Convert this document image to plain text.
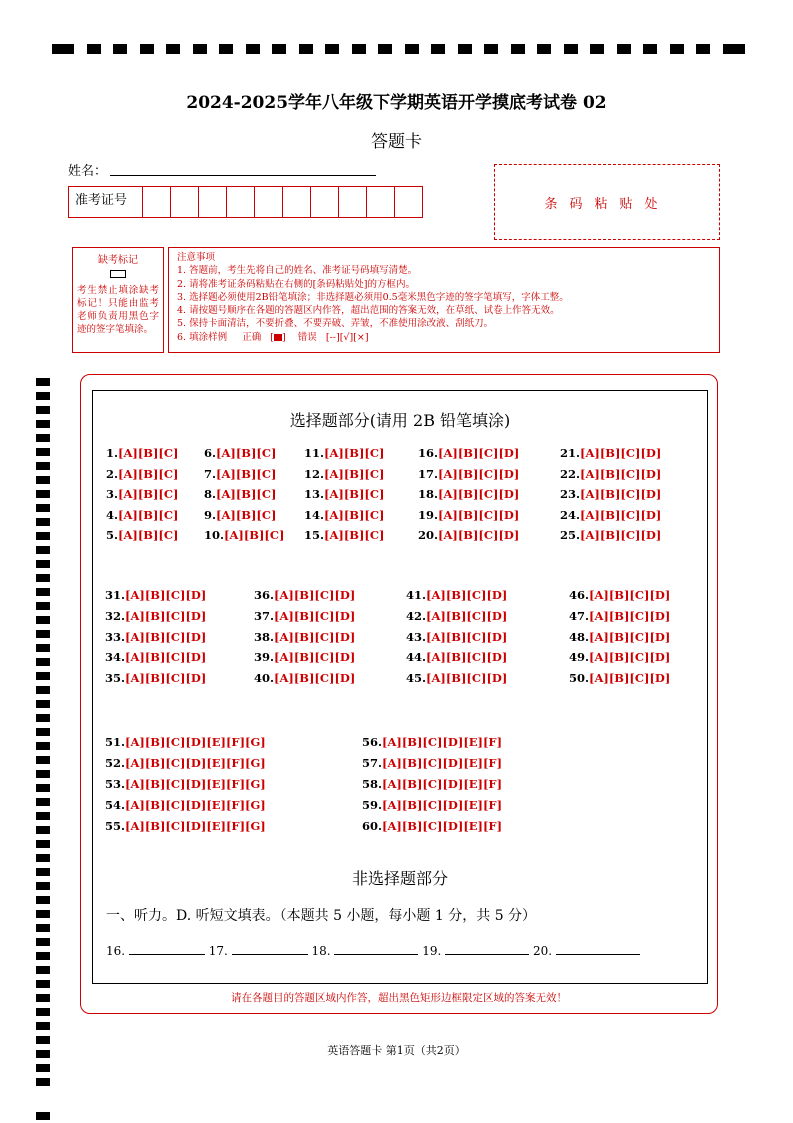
2024-2025学年八年级下学期英语开学摸底考试卷 02
答题卡
姓名：
准考证号	条码粘贴处
缺考标记
考生禁止填涂缺考标记！只能由监考老师负责用黑色字迹的签字笔填涂。
注意事项
1. 答题前，考生先将自己的姓名、准考证号码填写清楚。
2. 请将准考证条码粘贴在右侧的[条码粘贴处]的方框内。
3. 选择题必须使用2B铅笔填涂；非选择题必须用0.5毫米黑色字迹的签字笔填写，字体工整。
4. 请按题号顺序在各题的答题区内作答，超出范围的答案无效，在草纸、试卷上作答无效。
5. 保持卡面清洁，不要折叠、不要弄破、弄皱，不准使用涂改液、刮纸刀。
6. 填涂样例 正确   [ ]    错误 [--][√][×]
选择题部分(请用 2B 铅笔填涂)
1.[A][B][C]
2.[A][B][C]
3.[A][B][C]
4.[A][B][C]
5.[A][B][C]
6.[A][B][C]
7.[A][B][C]
8.[A][B][C]
9.[A][B][C]
10.[A][B][C]
11.[A][B][C]
12.[A][B][C]
13.[A][B][C]
14.[A][B][C]
15.[A][B][C]
16.[A][B][C][D]
17.[A][B][C][D]
18.[A][B][C][D]
19.[A][B][C][D]
20.[A][B][C][D]
21.[A][B][C][D]
22.[A][B][C][D]
23.[A][B][C][D]
24.[A][B][C][D]
25.[A][B][C][D]
31.[A][B][C][D]
32.[A][B][C][D]
33.[A][B][C][D]
34.[A][B][C][D]
35.[A][B][C][D]
36.[A][B][C][D]
37.[A][B][C][D]
38.[A][B][C][D]
39.[A][B][C][D]
40.[A][B][C][D]
41.[A][B][C][D]
42.[A][B][C][D]
43.[A][B][C][D]
44.[A][B][C][D]
45.[A][B][C][D]
46.[A][B][C][D]
47.[A][B][C][D]
48.[A][B][C][D]
49.[A][B][C][D]
50.[A][B][C][D]
51.[A][B][C][D][E][F][G]
52.[A][B][C][D][E][F][G]
53.[A][B][C][D][E][F][G]
54.[A][B][C][D][E][F][G]
55.[A][B][C][D][E][F][G]
56.[A][B][C][D][E][F]
57.[A][B][C][D][E][F]
58.[A][B][C][D][E][F]
59.[A][B][C][D][E][F]
60.[A][B][C][D][E][F]
非选择题部分
一、听力。D. 听短文填表。（本题共 5 小题，每小题 1 分，共 5 分）
16.	17.	18.	19.	20.
请在各题目的答题区域内作答，超出黑色矩形边框限定区域的答案无效！
英语答题卡 第1页（共2页）
